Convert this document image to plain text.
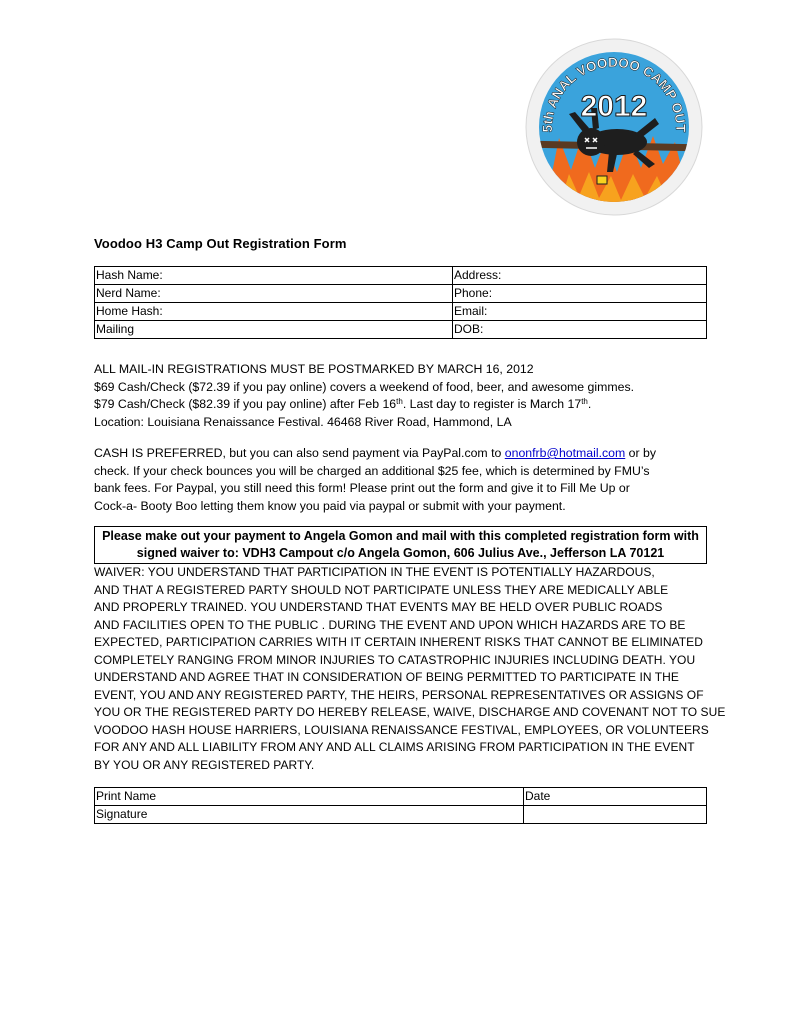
5th ANAL VOODOO CAMP OUT
2012
Voodoo H3 Camp Out Registration Form
Hash Name:	Address:
Nerd Name:	Phone:
Home Hash:	Email:
Mailing	DOB:
ALL MAIL-IN REGISTRATIONS MUST BE POSTMARKED BY MARCH 16, 2012
$69 Cash/Check ($72.39 if you pay online) covers a weekend of food, beer, and awesome gimmes.
$79 Cash/Check ($82.39 if you pay online) after Feb 16th. Last day to register is March 17th.
Location: Louisiana Renaissance Festival. 46468 River Road, Hammond, LA
CASH IS PREFERRED, but you can also send payment via PayPal.com to ononfrb@hotmail.com or by
check. If your check bounces you will be charged an additional $25 fee, which is determined by FMU’s
bank fees. For Paypal, you still need this form! Please print out the form and give it to Fill Me Up or
Cock-a- Booty Boo letting them know you paid via paypal or submit with your payment.
Please make out your payment to Angela Gomon and mail with this completed registration form with
signed waiver to: VDH3 Campout c/o Angela Gomon, 606 Julius Ave., Jefferson LA 70121
WAIVER: YOU UNDERSTAND THAT PARTICIPATION IN THE EVENT IS POTENTIALLY HAZARDOUS,
AND THAT A REGISTERED PARTY SHOULD NOT PARTICIPATE UNLESS THEY ARE MEDICALLY ABLE
AND PROPERLY TRAINED. YOU UNDERSTAND THAT EVENTS MAY BE HELD OVER PUBLIC ROADS
AND FACILITIES OPEN TO THE PUBLIC . DURING THE EVENT AND UPON WHICH HAZARDS ARE TO BE
EXPECTED, PARTICIPATION CARRIES WITH IT CERTAIN INHERENT RISKS THAT CANNOT BE ELIMINATED
COMPLETELY RANGING FROM MINOR INJURIES TO CATASTROPHIC INJURIES INCLUDING DEATH. YOU
UNDERSTAND AND AGREE THAT IN CONSIDERATION OF BEING PERMITTED TO PARTICIPATE IN THE
EVENT, YOU AND ANY REGISTERED PARTY, THE HEIRS, PERSONAL REPRESENTATIVES OR ASSIGNS OF
YOU OR THE REGISTERED PARTY DO HEREBY RELEASE, WAIVE, DISCHARGE AND COVENANT NOT TO SUE
VOODOO HASH HOUSE HARRIERS, LOUISIANA RENAISSANCE FESTIVAL, EMPLOYEES, OR VOLUNTEERS
FOR ANY AND ALL LIABILITY FROM ANY AND ALL CLAIMS ARISING FROM PARTICIPATION IN THE EVENT
BY YOU OR ANY REGISTERED PARTY.
Print Name	Date
Signature	
